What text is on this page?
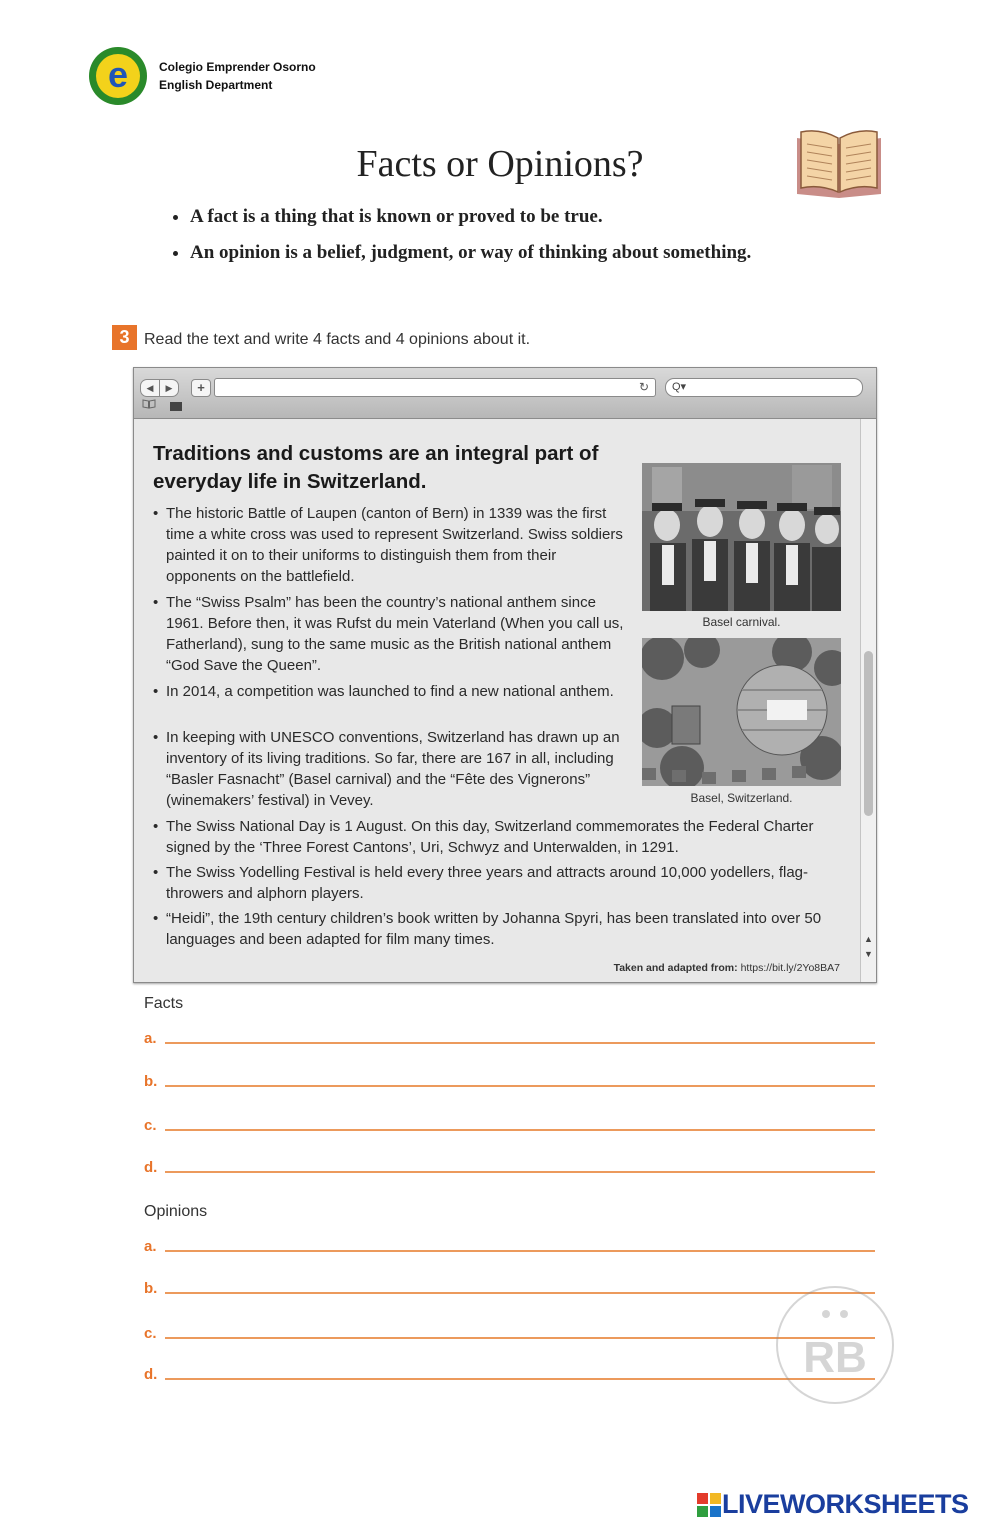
e	Colegio Emprender Osorno
English Department
Facts or Opinions?
• A fact is a thing that is known or proved to be true.
• An opinion is a belief, judgment, or way of thinking about something.
3 Read the text and write 4 facts and 4 opinions about it.
◀	▶	+	↻ Q▾
▲
▼
Traditions and customs are an integral part of everyday life in Switzerland.
• The historic Battle of Laupen (canton of Bern) in 1339 was the first time a white cross was used to represent Switzerland. Swiss soldiers painted it on to their uniforms to distinguish them from their opponents on the battlefield.
• The “Swiss Psalm” has been the country’s national anthem since 1961. Before then, it was Rufst du mein Vaterland (When you call us, Fatherland), sung to the same music as the British national anthem “God Save the Queen”.
• In 2014, a competition was launched to find a new national anthem.
• In keeping with UNESCO conventions, Switzerland has drawn up an inventory of its living traditions. So far, there are 167 in all, including “Basler Fasnacht” (Basel carnival) and the “Fête des Vignerons” (winemakers’ festival) in Vevey.
• The Swiss National Day is 1 August. On this day, Switzerland commemorates the Federal Charter signed by the ‘Three Forest Cantons’, Uri, Schwyz and Unterwalden, in 1291.
• The Swiss Yodelling Festival is held every three years and attracts around 10,000 yodellers, flag-throwers and alphorn players.
• “Heidi”, the 19th century children’s book written by Johanna Spyri, has been translated into over 50 languages and been adapted for film many times.
Basel carnival.
Basel, Switzerland.
Taken and adapted from: https://bit.ly/2Yo8BA7
Facts
a.
b.
c.
d.
Opinions
a.
b.
c.
d.	RB
LIVEWORKSHEETS
